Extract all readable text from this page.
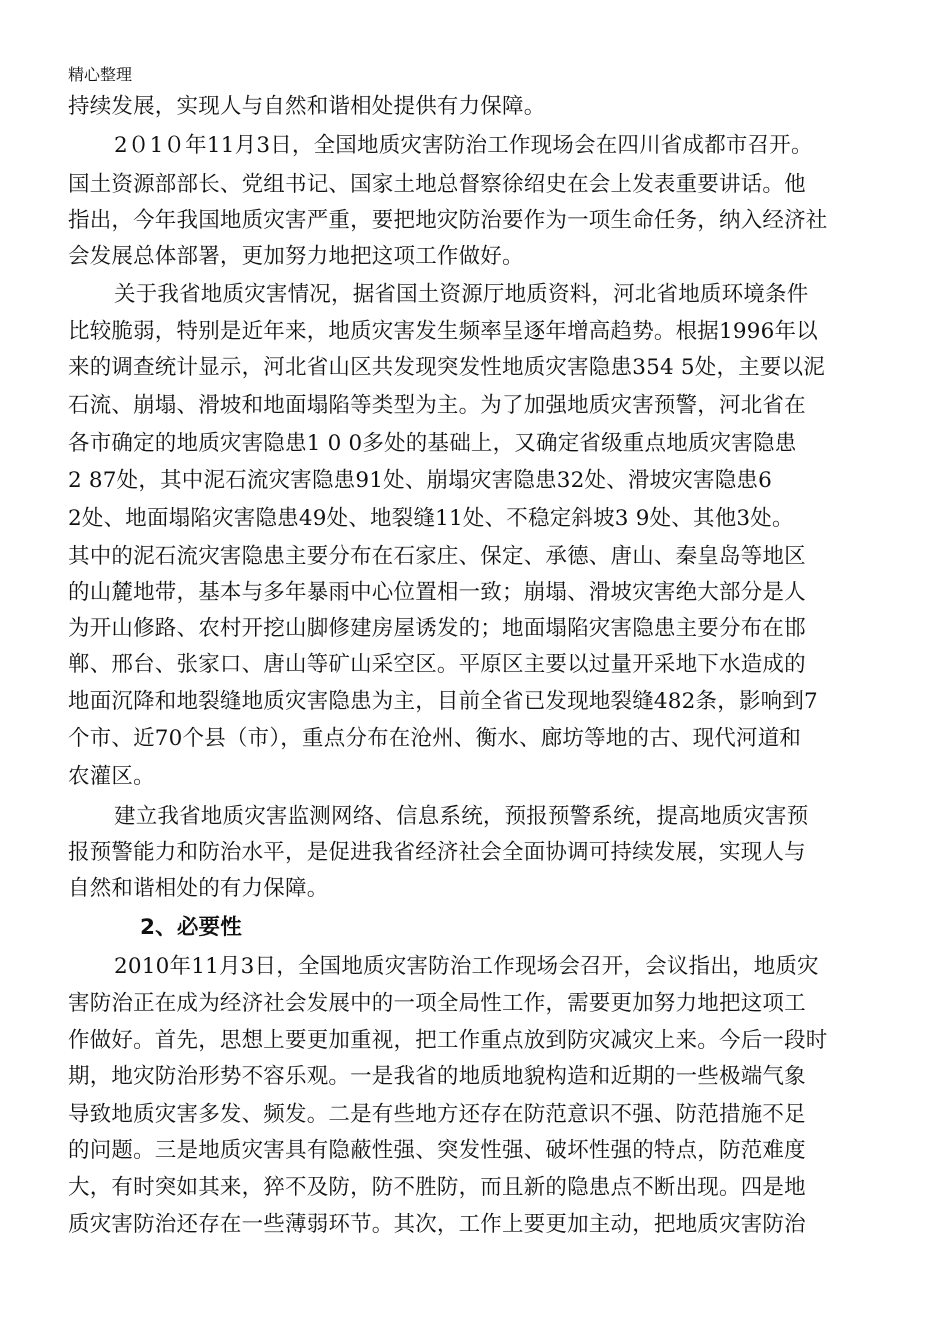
精心整理
持续发展，实现人与自然和谐相处提供有力保障。
2０1０年11月3日，全国地质灾害防治工作现场会在四川省成都市召开。
国土资源部部长、党组书记、国家土地总督察徐绍史在会上发表重要讲话。他
指出，今年我国地质灾害严重，要把地灾防治要作为一项生命任务，纳入经济社
会发展总体部署，更加努力地把这项工作做好。
关于我省地质灾害情况，据省国土资源厅地质资料，河北省地质环境条件
比较脆弱，特别是近年来，地质灾害发生频率呈逐年增高趋势。根据1996年以
来的调查统计显示，河北省山区共发现突发性地质灾害隐患354 5处，主要以泥
石流、崩塌、滑坡和地面塌陷等类型为主。为了加强地质灾害预警，河北省在
各市确定的地质灾害隐患1 0 0多处的基础上，又确定省级重点地质灾害隐患
2 87处，其中泥石流灾害隐患91处、崩塌灾害隐患32处、滑坡灾害隐患6
2处、地面塌陷灾害隐患49处、地裂缝11处、不稳定斜坡3 9处、其他3处。
其中的泥石流灾害隐患主要分布在石家庄、保定、承德、唐山、秦皇岛等地区
的山麓地带，基本与多年暴雨中心位置相一致；崩塌、滑坡灾害绝大部分是人
为开山修路、农村开挖山脚修建房屋诱发的；地面塌陷灾害隐患主要分布在邯
郸、邢台、张家口、唐山等矿山采空区。平原区主要以过量开采地下水造成的
地面沉降和地裂缝地质灾害隐患为主，目前全省已发现地裂缝482条，影响到7
个市、近70个县（市），重点分布在沧州、衡水、廊坊等地的古、现代河道和
农灌区。
建立我省地质灾害监测网络、信息系统，预报预警系统，提高地质灾害预
报预警能力和防治水平，是促进我省经济社会全面协调可持续发展，实现人与
自然和谐相处的有力保障。
2、必要性
2010年11月3日，全国地质灾害防治工作现场会召开，会议指出，地质灾
害防治正在成为经济社会发展中的一项全局性工作，需要更加努力地把这项工
作做好。首先，思想上要更加重视，把工作重点放到防灾减灾上来。今后一段时
期，地灾防治形势不容乐观。一是我省的地质地貌构造和近期的一些极端气象
导致地质灾害多发、频发。二是有些地方还存在防范意识不强、防范措施不足
的问题。三是地质灾害具有隐蔽性强、突发性强、破坏性强的特点，防范难度
大，有时突如其来，猝不及防，防不胜防，而且新的隐患点不断出现。四是地
质灾害防治还存在一些薄弱环节。其次，工作上要更加主动，把地质灾害防治
